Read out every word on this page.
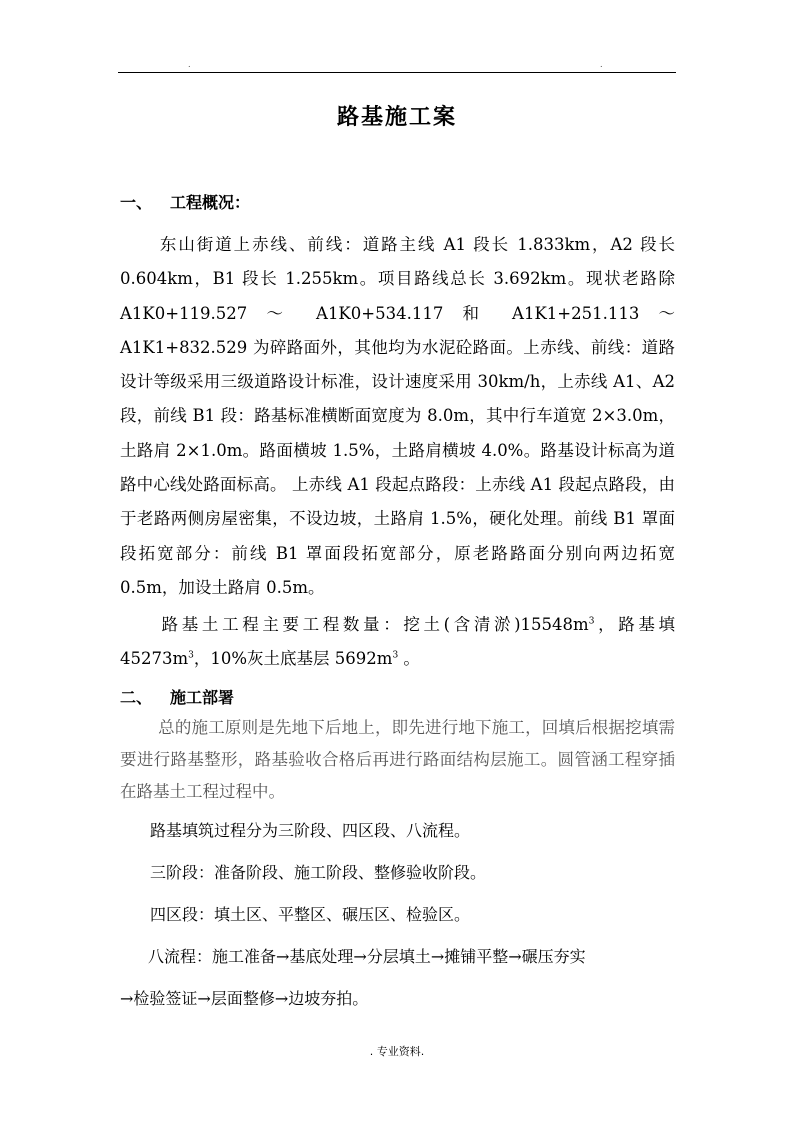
.	.
路基施工案
一、 工程概况：

东山街道上赤线、前线：道路主线 A1 段长 1.833km，A2 段长 0.604km，B1 段长 1.255km。项目路线总长 3.692km。现状老路除 A1K0+119.527 ～ A1K0+534.117 和 A1K1+251.113 ～ A1K1+832.529 为碎路面外，其他均为水泥砼路面。上赤线、前线：道路设计等级采用三级道路设计标准，设计速度采用 30km/h，上赤线 A1、A2 段，前线 B1 段：路基标准横断面宽度为 8.0m，其中行车道宽 2×3.0m，土路肩 2×1.0m。路面横坡 1.5%，土路肩横坡 4.0%。路基设计标高为道路中心线处路面标高。 上赤线 A1 段起点路段：上赤线 A1 段起点路段，由于老路两侧房屋密集，不设边坡，土路肩 1.5%，硬化处理。前线 B1 罩面段拓宽部分：前线 B1 罩面段拓宽部分，原老路路面分别向两边拓宽 0.5m，加设土路肩 0.5m。

路基土工程主要工程数量：挖土(含清淤)$15548m^3$，路基填 $45273m^3$，10%灰土底基层 $5692m^3$ 。

二、 施工部署

总的施工原则是先地下后地上，即先进行地下施工，回填后根据挖填需要进行路基整形，路基验收合格后再进行路面结构层施工。圆管涵工程穿插在路基土工程过程中。

路基填筑过程分为三阶段、四区段、八流程。
三阶段：准备阶段、施工阶段、整修验收阶段。
四区段：填土区、平整区、碾压区、检验区。
八流程：施工准备→基底处理→分层填土→摊铺平整→碾压夯实
→检验签证→层面整修→边坡夯拍。
. 专业资料.
